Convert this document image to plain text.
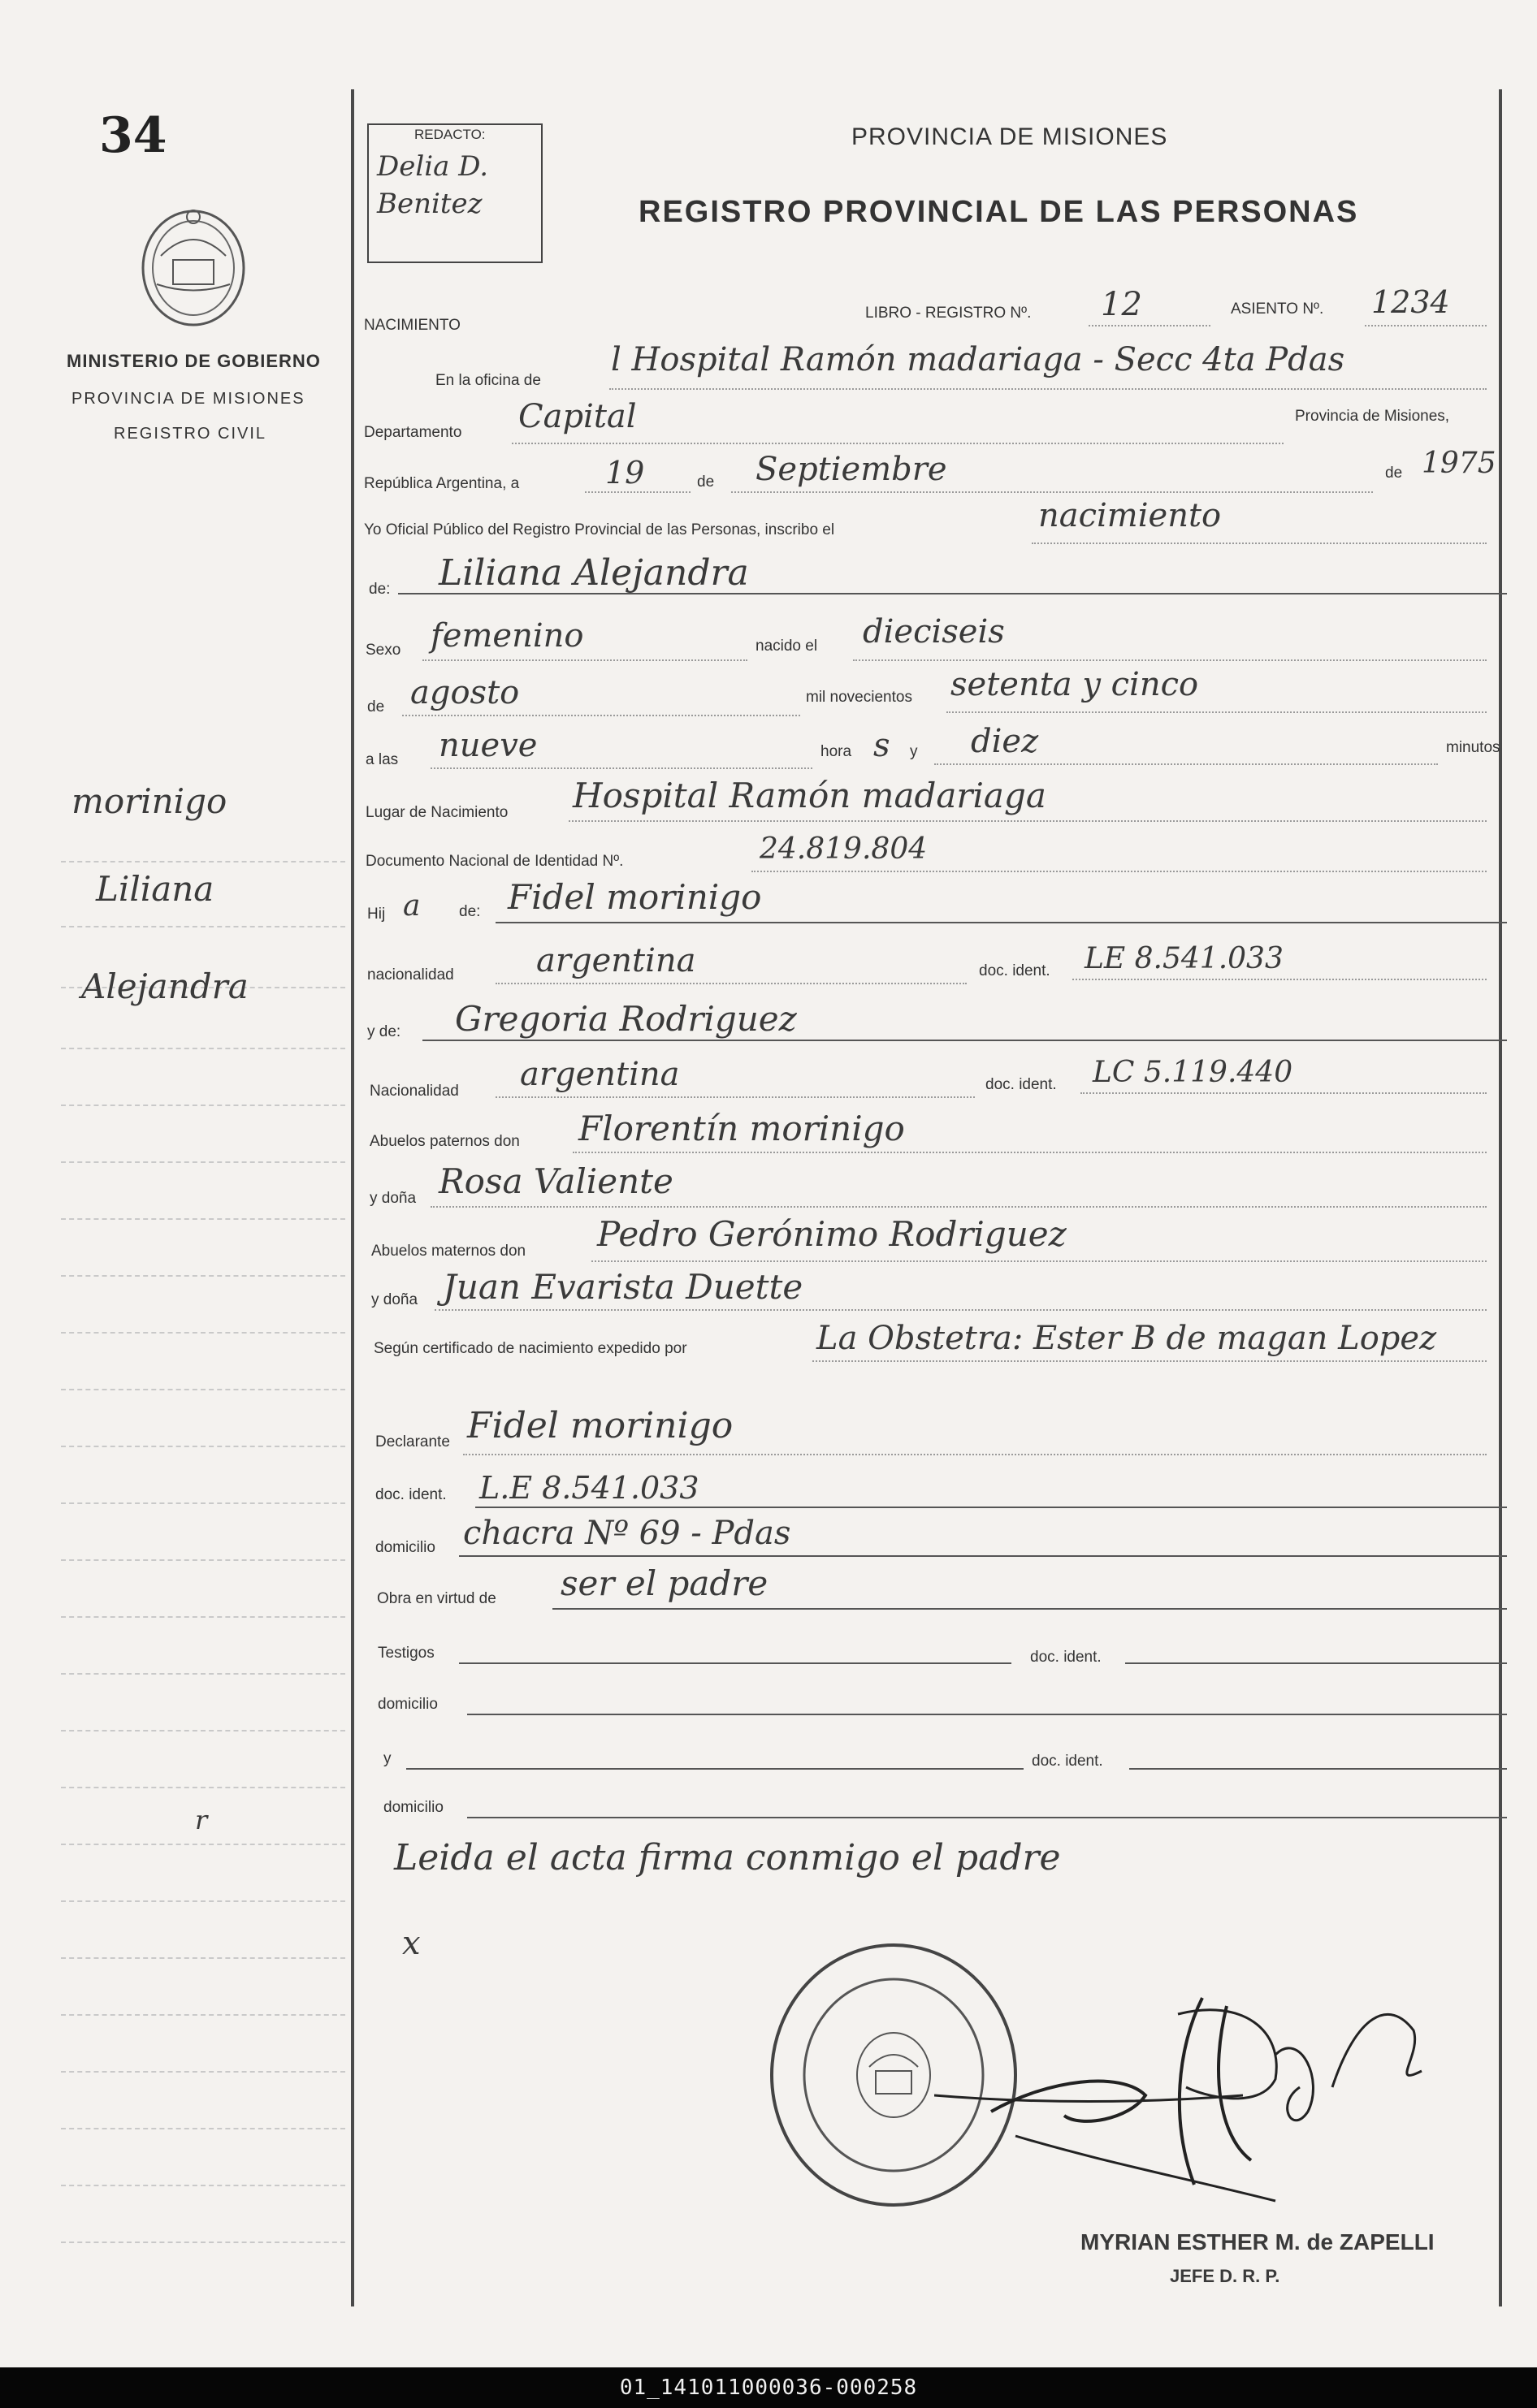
34
MINISTERIO DE GOBIERNO
PROVINCIA DE MISIONES
REGISTRO CIVIL
morinigo
Liliana
Alejandra
REDACTO:
Delia D. Benitez
PROVINCIA DE MISIONES
REGISTRO PROVINCIAL DE LAS PERSONAS
NACIMIENTO
LIBRO - REGISTRO Nº. 12	ASIENTO Nº. 1234
En la oficina de
l Hospital Ramón madariaga - Secc 4ta Pdas
Departamento Capital	Provincia de Misiones,
República Argentina, a	19	de Septiembre	de 1975
Yo Oficial Público del Registro Provincial de las Personas, inscribo el	nacimiento
de: Liliana Alejandra
Sexo femenino	nacido el dieciseis
de agosto	mil novecientos setenta y cinco
a las nueve	hora s y diez	minutos
Lugar de Nacimiento Hospital Ramón madariaga
Documento Nacional de Identidad Nº.	24.819.804
Hij a	de: Fidel morinigo
nacionalidad	argentina	doc. ident. LE 8.541.033
y de: Gregoria Rodriguez
Nacionalidad argentina	doc. ident. LC 5.119.440
Abuelos paternos don Florentín morinigo
y doña Rosa Valiente
Abuelos maternos don Pedro Gerónimo Rodriguez
y doña Juan Evarista Duette
Según certificado de nacimiento expedido por	La Obstetra: Ester B de magan Lopez
Declarante Fidel morinigo
doc. ident. L.E 8.541.033
domicilio chacra Nº 69 - Pdas
Obra en virtud de ser el padre
Testigos	doc. ident.
domicilio
y	doc. ident.
domicilio
Leida el acta firma conmigo el padre
x
r
MYRIAN ESTHER M. de ZAPELLI
JEFE D. R. P.
01_141011000036-000258
